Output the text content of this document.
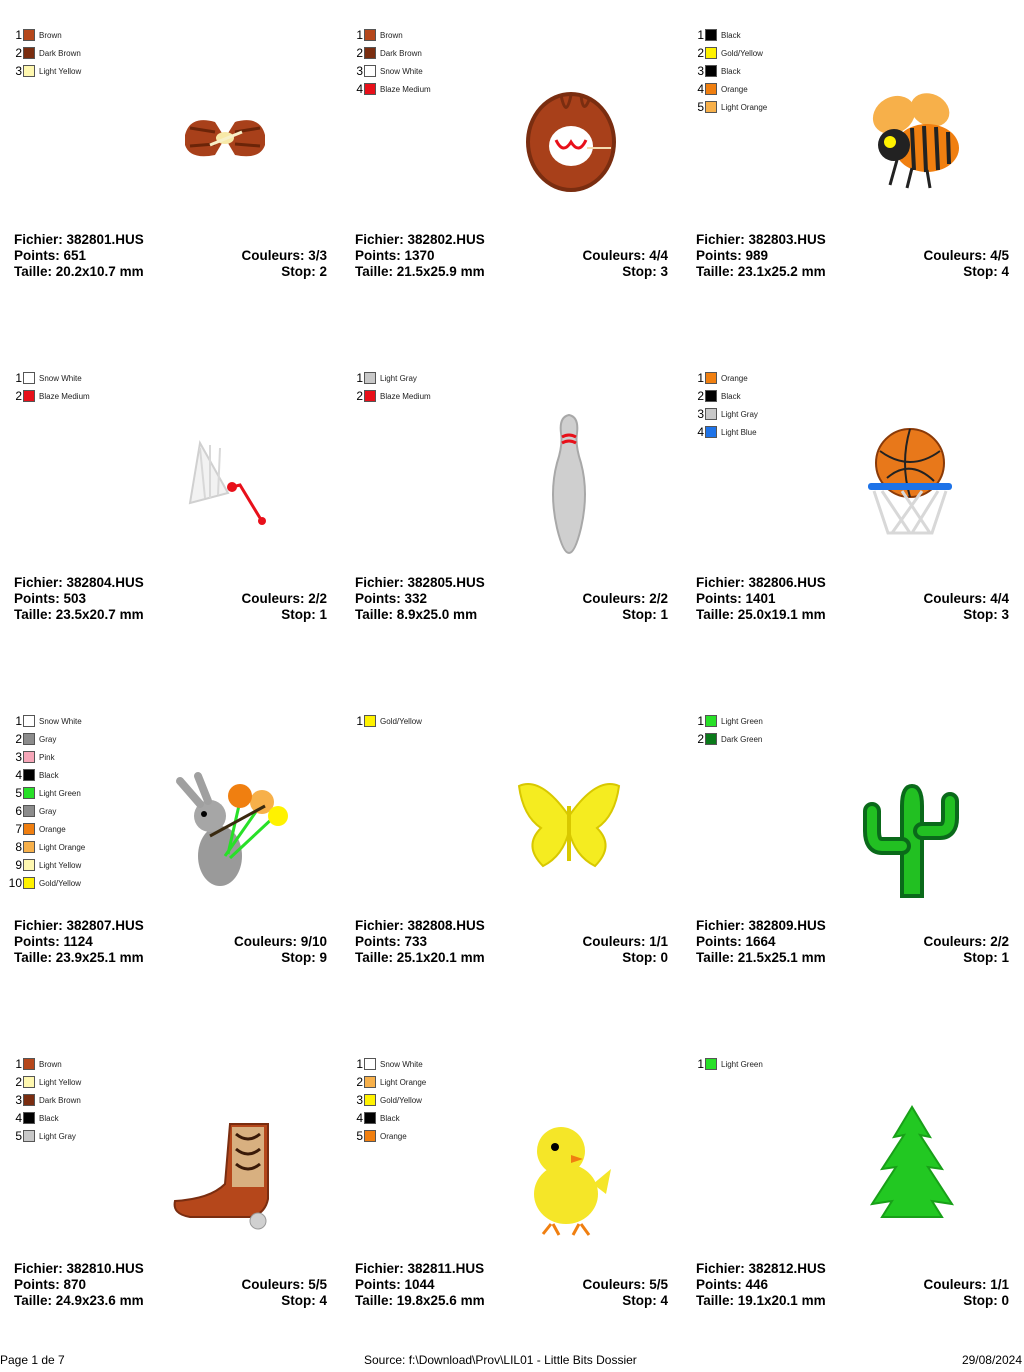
1 Brown
2 Dark Brown
3 Light Yellow
Fichier: 382801.HUS
Points: 651	Couleurs: 3/3
Taille: 20.2x10.7 mm	Stop: 2
1 Brown
2 Dark Brown
3 Snow White
4 Blaze Medium
Fichier: 382802.HUS
Points: 1370	Couleurs: 4/4
Taille: 21.5x25.9 mm	Stop: 3
1 Black
2 Gold/Yellow
3 Black
4 Orange
5 Light Orange
Fichier: 382803.HUS
Points: 989	Couleurs: 4/5
Taille: 23.1x25.2 mm	Stop: 4
1 Snow White
2 Blaze Medium
Fichier: 382804.HUS
Points: 503	Couleurs: 2/2
Taille: 23.5x20.7 mm	Stop: 1
1 Light Gray
2 Blaze Medium
Fichier: 382805.HUS
Points: 332	Couleurs: 2/2
Taille: 8.9x25.0 mm	Stop: 1
1 Orange
2 Black
3 Light Gray
4 Light Blue
Fichier: 382806.HUS
Points: 1401	Couleurs: 4/4
Taille: 25.0x19.1 mm	Stop: 3
1 Snow White
2 Gray
3 Pink
4 Black
5 Light Green
6 Gray
7 Orange
8 Light Orange
9 Light Yellow
10 Gold/Yellow
Fichier: 382807.HUS
Points: 1124	Couleurs: 9/10
Taille: 23.9x25.1 mm	Stop: 9
1 Gold/Yellow
Fichier: 382808.HUS
Points: 733	Couleurs: 1/1
Taille: 25.1x20.1 mm	Stop: 0
1 Light Green
2 Dark Green
Fichier: 382809.HUS
Points: 1664	Couleurs: 2/2
Taille: 21.5x25.1 mm	Stop: 1
1 Brown
2 Light Yellow
3 Dark Brown
4 Black
5 Light Gray
Fichier: 382810.HUS
Points: 870	Couleurs: 5/5
Taille: 24.9x23.6 mm	Stop: 4
1 Snow White
2 Light Orange
3 Gold/Yellow
4 Black
5 Orange
Fichier: 382811.HUS
Points: 1044	Couleurs: 5/5
Taille: 19.8x25.6 mm	Stop: 4
1 Light Green
Fichier: 382812.HUS
Points: 446	Couleurs: 1/1
Taille: 19.1x20.1 mm	Stop: 0
Page 1 de 7	Source: f:\Download\Prov\LIL01 - Little Bits Dossier	29/08/2024
